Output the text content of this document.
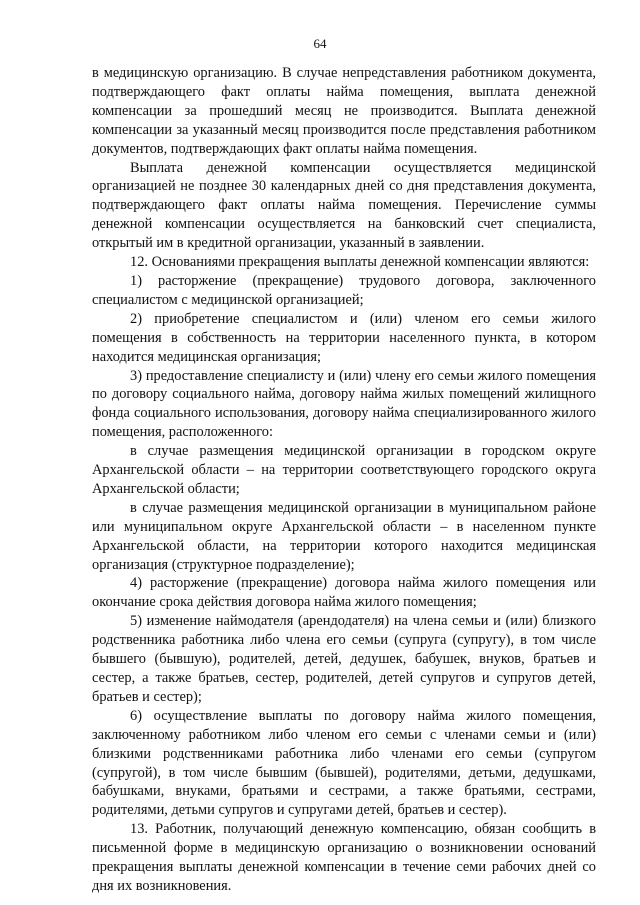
64

в медицинскую организацию. В случае непредставления работником документа, подтверждающего факт оплаты найма помещения, выплата денежной компенсации за прошедший месяц не производится. Выплата денежной компенсации за указанный месяц производится после представления работником документов, подтверждающих факт оплаты найма помещения.

Выплата денежной компенсации осуществляется медицинской организацией не позднее 30 календарных дней со дня представления документа, подтверждающего факт оплаты найма помещения. Перечисление суммы денежной компенсации осуществляется на банковский счет специалиста, открытый им в кредитной организации, указанный в заявлении.

12. Основаниями прекращения выплаты денежной компенсации являются:

1) расторжение (прекращение) трудового договора, заключенного специалистом с медицинской организацией;

2) приобретение специалистом и (или) членом его семьи жилого помещения в собственность на территории населенного пункта, в котором находится медицинская организация;

3) предоставление специалисту и (или) члену его семьи жилого помещения по договору социального найма, договору найма жилых помещений жилищного фонда социального использования, договору найма специализированного жилого помещения, расположенного:

в случае размещения медицинской организации в городском округе Архангельской области – на территории соответствующего городского округа Архангельской области;

в случае размещения медицинской организации в муниципальном районе или муниципальном округе Архангельской области – в населенном пункте Архангельской области, на территории которого находится медицинская организация (структурное подразделение);

4) расторжение (прекращение) договора найма жилого помещения или окончание срока действия договора найма жилого помещения;

5) изменение наймодателя (арендодателя) на члена семьи и (или) близкого родственника работника либо члена его семьи (супруга (супругу), в том числе бывшего (бывшую), родителей, детей, дедушек, бабушек, внуков, братьев и сестер, а также братьев, сестер, родителей, детей супругов и супругов детей, братьев и сестер);

6) осуществление выплаты по договору найма жилого помещения, заключенному работником либо членом его семьи с членами семьи и (или) близкими родственниками работника либо членами его семьи (супругом (супругой), в том числе бывшим (бывшей), родителями, детьми, дедушками, бабушками, внуками, братьями и сестрами, а также братьями, сестрами, родителями, детьми супругов и супругами детей, братьев и сестер).

13. Работник, получающий денежную компенсацию, обязан сообщить в письменной форме в медицинскую организацию о возникновении оснований прекращения выплаты денежной компенсации в течение семи рабочих дней со дня их возникновения.
